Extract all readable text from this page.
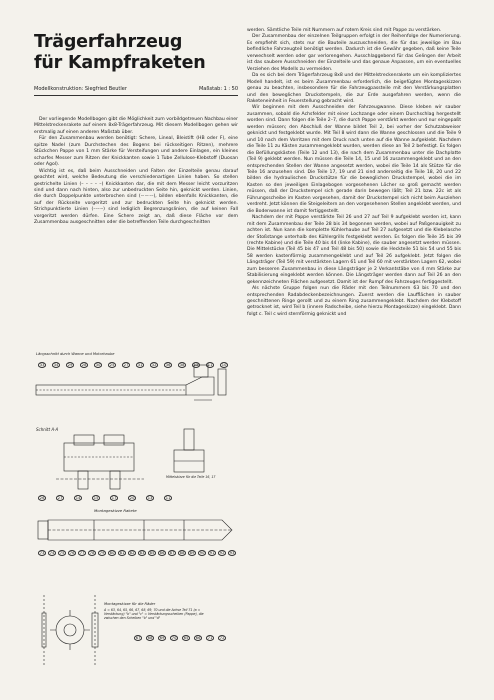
Trägerfahrzeug
für Kampfraketen
Modellkonstruktion: Siegfried Beutler	Maßstab: 1 : 50

Der vorliegende Modellbogen gibt die Möglichkeit zum vorbildgetreuen Nachbau einer Mittelstreckenrakete auf einem 8x8-Trägerfahrzeug. Mit diesem Modellbogen gehen wir erstmalig auf einen anderen Maßstab über.

Für den Zusammenbau werden benötigt: Schere, Lineal, Bleistift (HB oder F), eine spitze Nadel (zum Durchstechen des Bogens bei rückseitigen Ritzen), mehrere Stückchen Pappe von 1 mm Stärke für Versteifungen und andere Einlagen, ein kleines scharfes Messer zum Ritzen der Knickkanten sowie 1 Tube Zellulose-Klebstoff (Duosan oder Agol).

Wichtig ist es, daß beim Ausschneiden und Falten der Einzelteile genau darauf geachtet wird, welche Bedeutung die verschiedenartigen Linien haben. So stellen gestrichelte Linien (– – – – –) Knickkanten dar, die mit dem Messer leicht vorzuritzen sind und dann nach hinten, also zur unbedruckten Seite hin, geknickt werden. Linien, die durch Doppelpunkte unterbrochen sind (–··–··–), bilden ebenfalls Knickkanten, die auf der Rückseite vorgeritzt und zur bedruckten Seite hin geknickt werden. Strichpunktierte Linien (–·–·–) sind lediglich Begrenzungslinien, die auf keinen Fall vorgeritzt werden dürfen. Eine Schere zeigt an, daß diese Fläche vor dem Zusammenbau ausgeschnitten oder die betreffenden Teile durchgeschnitten

werden. Sämtliche Teile mit Nummern auf rotem Kreis sind mit Pappe zu verstärken.

Der Zusammenbau der einzelnen Teilgruppen erfolgt in der Reihenfolge der Numerierung. Es empfiehlt sich, stets nur die Bauteile auszuschneiden, die für das jeweilige im Bau befindliche Fahrzeugteil benötigt werden. Dadurch ist die Gewähr gegeben, daß keine Teile verwechselt werden oder gar verlorengehen. Ausschlaggebend für das Gelingen der Arbeit ist das saubere Ausschneiden der Einzelteile und das genaue Anpassen, um ein eventuelles Verziehen des Modells zu vermeiden.

Da es sich bei dem Trägerfahrzeug 8x8 und der Mittelstreckenrakete um ein kompliziertes Modell handelt, ist es beim Zusammenbau erforderlich, die beigefügten Montageskizzen genau zu beachten, insbesondere für die Fahrzeugpassteile mit den Verstärkungsplatten und den beweglichen Druckstempeln, die zur Erde ausgefahren werden, wenn die Raketeneinheit in Feuerstellung gebracht wird.

Wir beginnen mit dem Ausschneiden der Fahrzeugwanne. Diese kleben wir sauber zusammen, sobald die Achsfelder mit einer Lochzange oder einem Durchschlag hergestellt worden sind. Dann folgen die Teile 2–7, die durch Pappe verstärkt werden und nur eingepaßt werden müssen; den Abschluß der Wanne bildet Teil 2, bei vorher der Schutzabweiser geknickt und festgeklebt wurde. Mit Teil 8 wird dann die Wanne geschlossen und die Teile 9 und 10 nach dem Vorritzen mit dem Druck nach unten auf die Wanne aufgeklebt. Nachdem die Teile 11 zu Kästen zusammengeklebt wurden, werden diese an Teil 2 befestigt. Es folgen die Befüllungskästen (Teile 12 und 13), die nach dem Zusammenbau unter die Dachplatte (Teil 9) geklebt werden. Nun müssen die Teile 14, 15 und 16 zusammengeklebt und an den entsprechenden Stellen der Wanne angesetzt werden, wobei die Teile 14 als Stütze für die Teile 16 anzusehen sind. Die Teile 17, 19 und 21 sind anderseitig die Teile 18, 20 und 22 bilden die hydraulischen Druckstütze für die beweglichen Druckstempel, wobei die im Kasten so den jeweiligen Einlagebogen vorgesehenen Löcher so groß gemacht werden müssen, daß der Druckstempel sich gerade darin bewegen läßt; Teil 21 bzw. 22c ist als Führungsscheibe im Kasten vorgesehen, damit der Druckstempel sich nicht beim Ausziehen verdreht. Jetzt können die Steigeleitern an den vorgesehenen Stellen angeklebt werden, und die Bodenwanne ist damit fertiggestellt.

Nachdem der mit Pappe verstärkte Teil 26 und 27 auf Teil 9 aufgeklebt worden ist, kann mit dem Zusammenbau der Teile 28 bis 34 begonnen werden, wobei auf Paßgenauigkeit zu achten ist. Nun kann die komplette Kühlerhaube auf Teil 27 aufgesetzt und die Klebelasche der Stoßstange unterhalb des Kühlergrills festgeklebt werden. Es folgen die Teile 35 bis 39 (rechte Kabine) und die Teile 40 bis 44 (linke Kabine), die sauber angesetzt werden müssen. Die Mittelstücke (Teil 45 bis 47 und Teil 48 bis 50) sowie die Heckteile 51 bis 54 und 55 bis 58 werden kastenförmig zusammengeklebt und auf Teil 26 aufgeklebt. Jetzt folgen die Längsträger (Teil 59) mit verstärkten Lagern 61 und Teil 60 mit verstärkten Lagern 62, wobei zum besseren Zusammenbau in diese Längsträger je 2 Verkantstäbe von 4 mm Stärke zur Stabilisierung eingeklebt werden können. Die Längsträger werden dann auf Teil 26 an den gekennzeichneten Flächen aufgesetzt. Damit ist der Rumpf des Fahrzeuges fertiggestellt.

Als nächste Gruppe folgen nun die Räder mit den Teilnummern 63 bis 70 und den entsprechenden Radabdeckenbezeichnungen. Zuerst werden die Laufflächen in sauber geschnittenen Ringe gerollt und zu einem Ring zusammengeklebt. Nachdem der Klebstoff getrocknet ist, wird Teil b (innere Radscheibe, siehe hierzu Montageskizze) eingeklebt. Dann folgt c. Teil c wird sternförmig geknickt und

Längsschnitt durch Wanne und Motorhaube
Schnitt A-A
Mittelskizze für die Teile 16, 17
Montageskizze Rakete
Montageskizze für die Räder
A = 63, 64, 65, 66, 67, 68, 69, 70 und die Achse Teil 71 (a = Verstärkung) "b" und "c" = Verstärkungsscheiben (Pappe), die zwischen den Scheiben "b" und "d"
33	34	29	28	30	25	27	31	32	36	38	12	11	10
26	27	14	15	17	20	13	11
73	74	75	76	77	78	79	80	81	82	83	85	86	87	88	89	90	91	92	93
67	68	69	70	65	66	71	72
